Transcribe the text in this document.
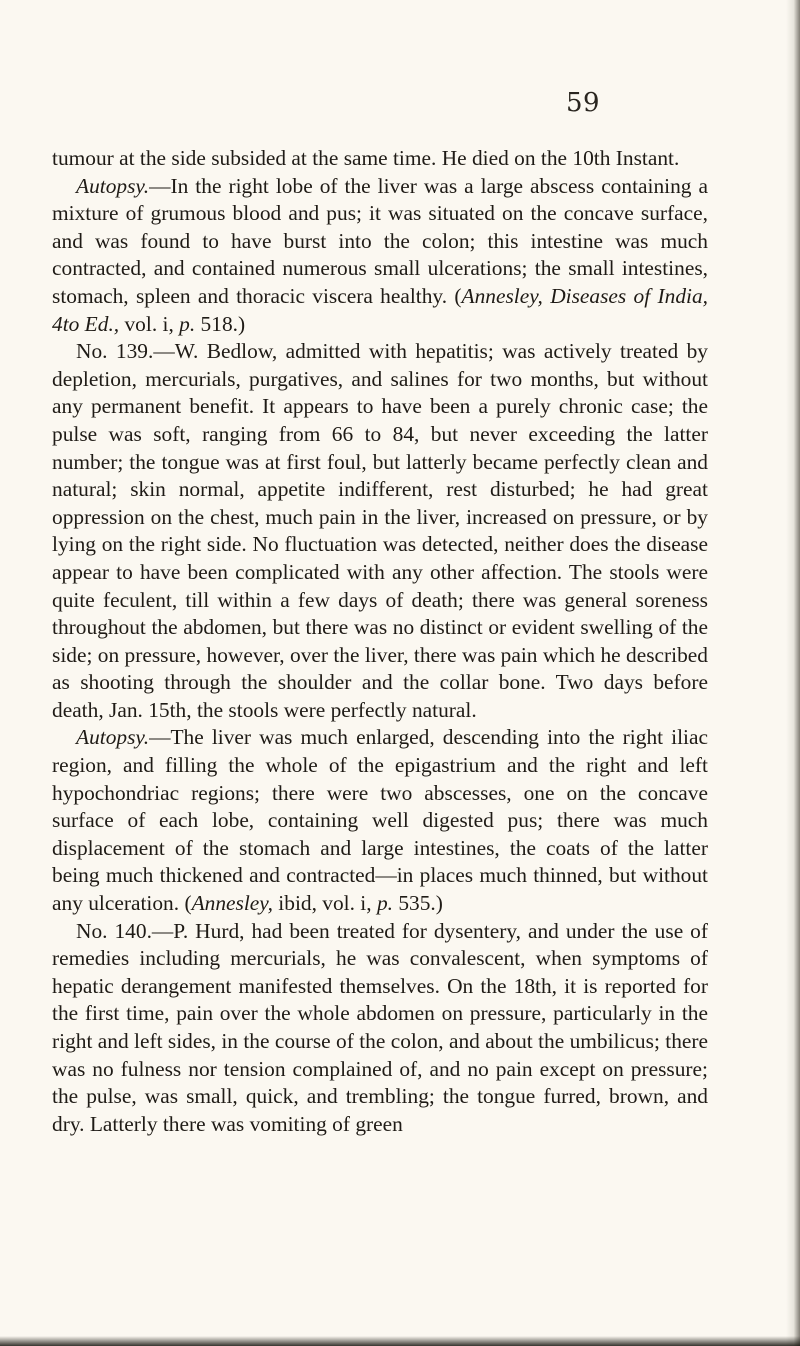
59

tumour at the side subsided at the same time. He died on the 10th Instant.

Autopsy.—In the right lobe of the liver was a large abscess containing a mixture of grumous blood and pus; it was situated on the concave surface, and was found to have burst into the colon; this intestine was much contracted, and contained numerous small ulcerations; the small intestines, stomach, spleen and thoracic viscera healthy. (Annesley, Diseases of India, 4to Ed., vol. i, p. 518.)

No. 139.—W. Bedlow, admitted with hepatitis; was actively treated by depletion, mercurials, purgatives, and salines for two months, but without any permanent benefit. It appears to have been a purely chronic case; the pulse was soft, ranging from 66 to 84, but never exceeding the latter number; the tongue was at first foul, but latterly became perfectly clean and natural; skin normal, appetite indifferent, rest disturbed; he had great oppression on the chest, much pain in the liver, increased on pressure, or by lying on the right side. No fluctuation was detected, neither does the disease appear to have been complicated with any other affection. The stools were quite feculent, till within a few days of death; there was general soreness throughout the abdomen, but there was no distinct or evident swelling of the side; on pressure, however, over the liver, there was pain which he described as shooting through the shoulder and the collar bone. Two days before death, Jan. 15th, the stools were perfectly natural.

Autopsy.—The liver was much enlarged, descending into the right iliac region, and filling the whole of the epigastrium and the right and left hypochondriac regions; there were two abscesses, one on the concave surface of each lobe, containing well digested pus; there was much displacement of the stomach and large intestines, the coats of the latter being much thickened and contracted—in places much thinned, but without any ulceration. (Annesley, ibid, vol. i, p. 535.)

No. 140.—P. Hurd, had been treated for dysentery, and under the use of remedies including mercurials, he was convalescent, when symptoms of hepatic derangement manifested themselves. On the 18th, it is reported for the first time, pain over the whole abdomen on pressure, particularly in the right and left sides, in the course of the colon, and about the umbilicus; there was no fulness nor tension complained of, and no pain except on pressure; the pulse, was small, quick, and trembling; the tongue furred, brown, and dry. Latterly there was vomiting of green
